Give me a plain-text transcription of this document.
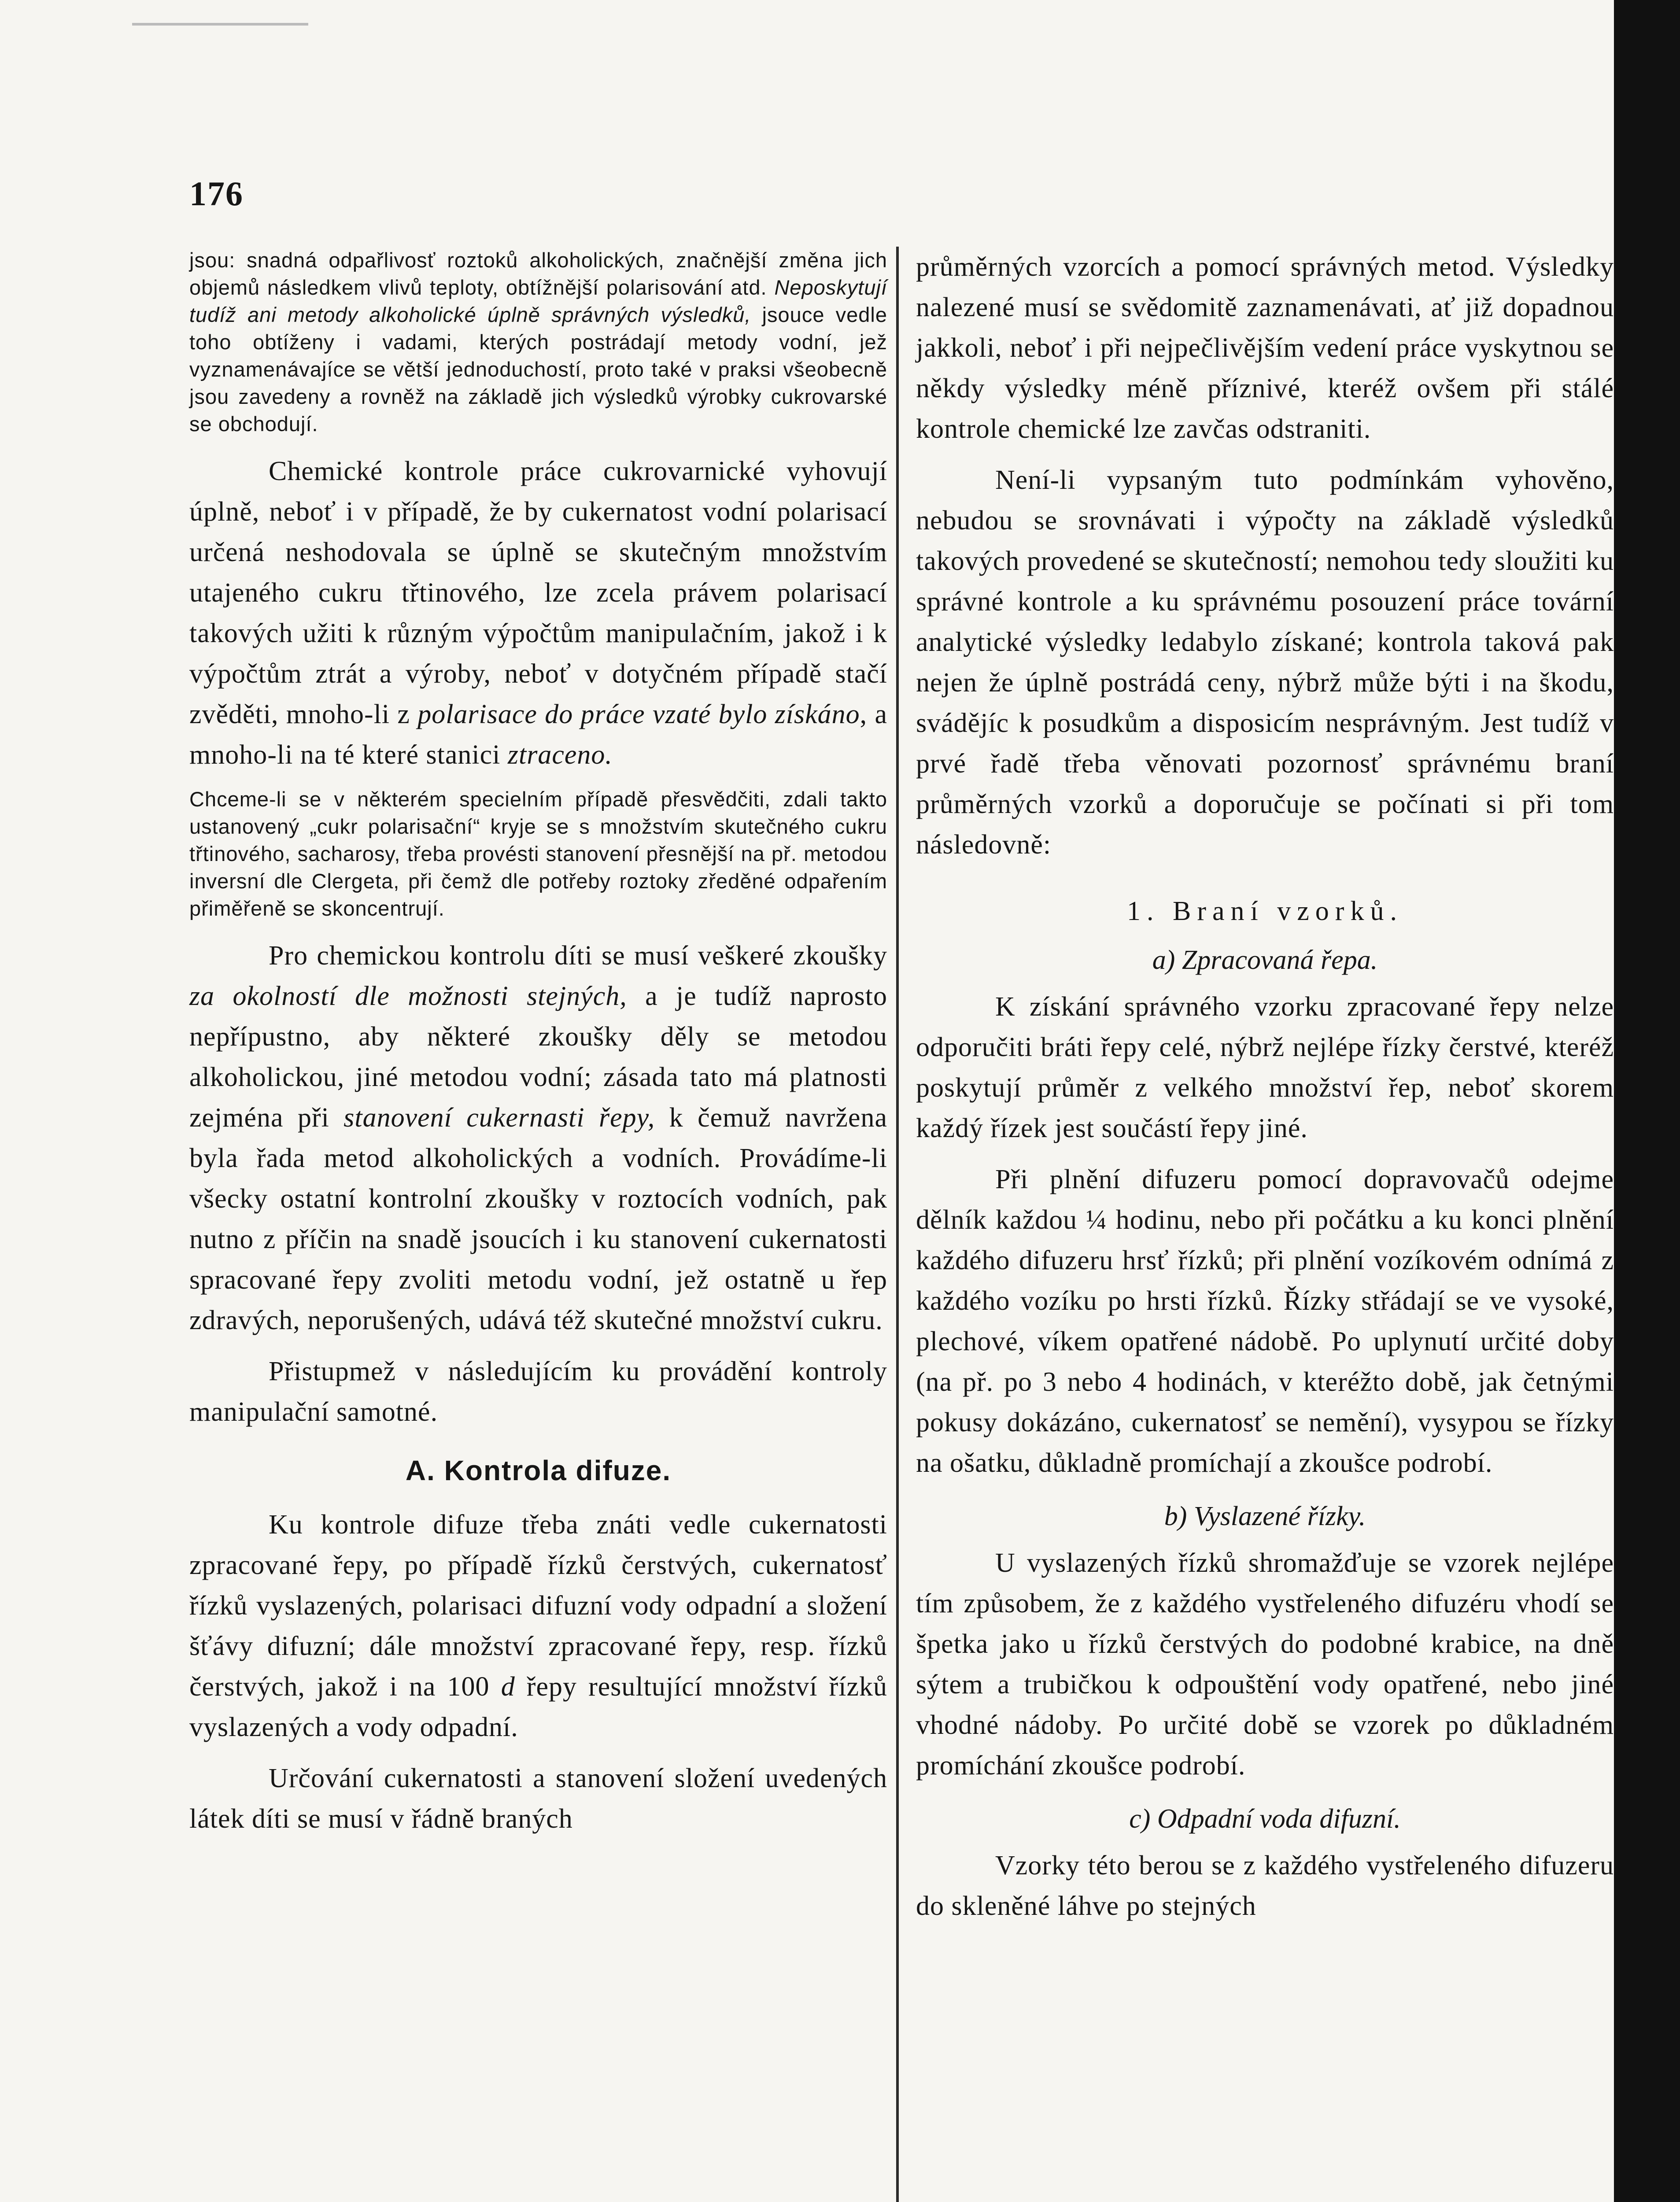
176

jsou: snadná odpařlivosť roztoků alkoholických, značnější změna jich objemů následkem vlivů teploty, obtížnější polarisování atd. Neposkytují tudíž ani metody alkoholické úplně správných výsledků, jsouce vedle toho obtíženy i vadami, kterých postrádají metody vodní, jež vyznamenávajíce se větší jednoduchostí, proto také v praksi všeobecně jsou zavedeny a rovněž na základě jich výsledků výrobky cukrovarské se obchodují.

Chemické kontrole práce cukrovarnické vyhovují úplně, neboť i v případě, že by cukernatost vodní polarisací určená neshodovala se úplně se skutečným množstvím utajeného cukru třtinového, lze zcela právem polarisací takových užiti k různým výpočtům manipulačním, jakož i k výpočtům ztrát a výroby, neboť v dotyčném případě stačí zvěděti, mnoho-li z polarisace do práce vzaté bylo získáno, a mnoho-li na té které stanici ztraceno.

Chceme-li se v některém specielním případě přesvědčiti, zdali takto ustanovený „cukr polarisační“ kryje se s množstvím skutečného cukru třtinového, sacharosy, třeba provésti stanovení přesnější na př. metodou inversní dle Clergeta, při čemž dle potřeby roztoky zředěné odpařením přiměřeně se skoncentrují.

Pro chemickou kontrolu díti se musí veškeré zkoušky za okolností dle možnosti stejných, a je tudíž naprosto nepřípustno, aby některé zkoušky děly se metodou alkoholickou, jiné metodou vodní; zásada tato má platnosti zejména při stanovení cukernasti řepy, k čemuž navržena byla řada metod alkoholických a vodních. Provádíme-li všecky ostatní kontrolní zkoušky v roztocích vodních, pak nutno z příčin na snadě jsoucích i ku stanovení cukernatosti spracované řepy zvoliti metodu vodní, jež ostatně u řep zdravých, neporušených, udává též skutečné množství cukru.

Přistupmež v následujícím ku provádění kontroly manipulační samotné.

A. Kontrola difuze.

Ku kontrole difuze třeba znáti vedle cukernatosti zpracované řepy, po případě řízků čerstvých, cukernatosť řízků vyslazených, polarisaci difuzní vody odpadní a složení šťávy difuzní; dále množství zpracované řepy, resp. řízků čerstvých, jakož i na 100 d řepy resultující množství řízků vyslazených a vody odpadní.

Určování cukernatosti a stanovení složení uvedených látek díti se musí v řádně braných

průměrných vzorcích a pomocí správných metod. Výsledky nalezené musí se svědomitě zaznamenávati, ať již dopadnou jakkoli, neboť i při nejpečlivějším vedení práce vyskytnou se někdy výsledky méně příznivé, kteréž ovšem při stálé kontrole chemické lze zavčas odstraniti.

Není-li vypsaným tuto podmínkám vyhověno, nebudou se srovnávati i výpočty na základě výsledků takových provedené se skutečností; nemohou tedy sloužiti ku správné kontrole a ku správnému posouzení práce tovární analytické výsledky ledabylo získané; kontrola taková pak nejen že úplně postrádá ceny, nýbrž může býti i na škodu, svádějíc k posudkům a disposicím nesprávným. Jest tudíž v prvé řadě třeba věnovati pozornosť správnému braní průměrných vzorků a doporučuje se počínati si při tom následovně:

1. Braní vzorků.

a) Zpracovaná řepa.

K získání správného vzorku zpracované řepy nelze odporučiti bráti řepy celé, nýbrž nejlépe řízky čerstvé, kteréž poskytují průměr z velkého množství řep, neboť skorem každý řízek jest součástí řepy jiné.

Při plnění difuzeru pomocí dopravovačů odejme dělník každou ¼ hodinu, nebo při počátku a ku konci plnění každého difuzeru hrsť řízků; při plnění vozíkovém odnímá z každého vozíku po hrsti řízků. Řízky střádají se ve vysoké, plechové, víkem opatřené nádobě. Po uplynutí určité doby (na př. po 3 nebo 4 hodinách, v kteréžto době, jak četnými pokusy dokázáno, cukernatosť se nemění), vysypou se řízky na ošatku, důkladně promíchají a zkoušce podrobí.

b) Vyslazené řízky.

U vyslazených řízků shromažďuje se vzorek nejlépe tím způsobem, že z každého vystřeleného difuzéru vhodí se špetka jako u řízků čerstvých do podobné krabice, na dně sýtem a trubičkou k odpouštění vody opatřené, nebo jiné vhodné nádoby. Po určité době se vzorek po důkladném promíchání zkoušce podrobí.

c) Odpadní voda difuzní.

Vzorky této berou se z každého vystřeleného difuzeru do skleněné láhve po stejných
